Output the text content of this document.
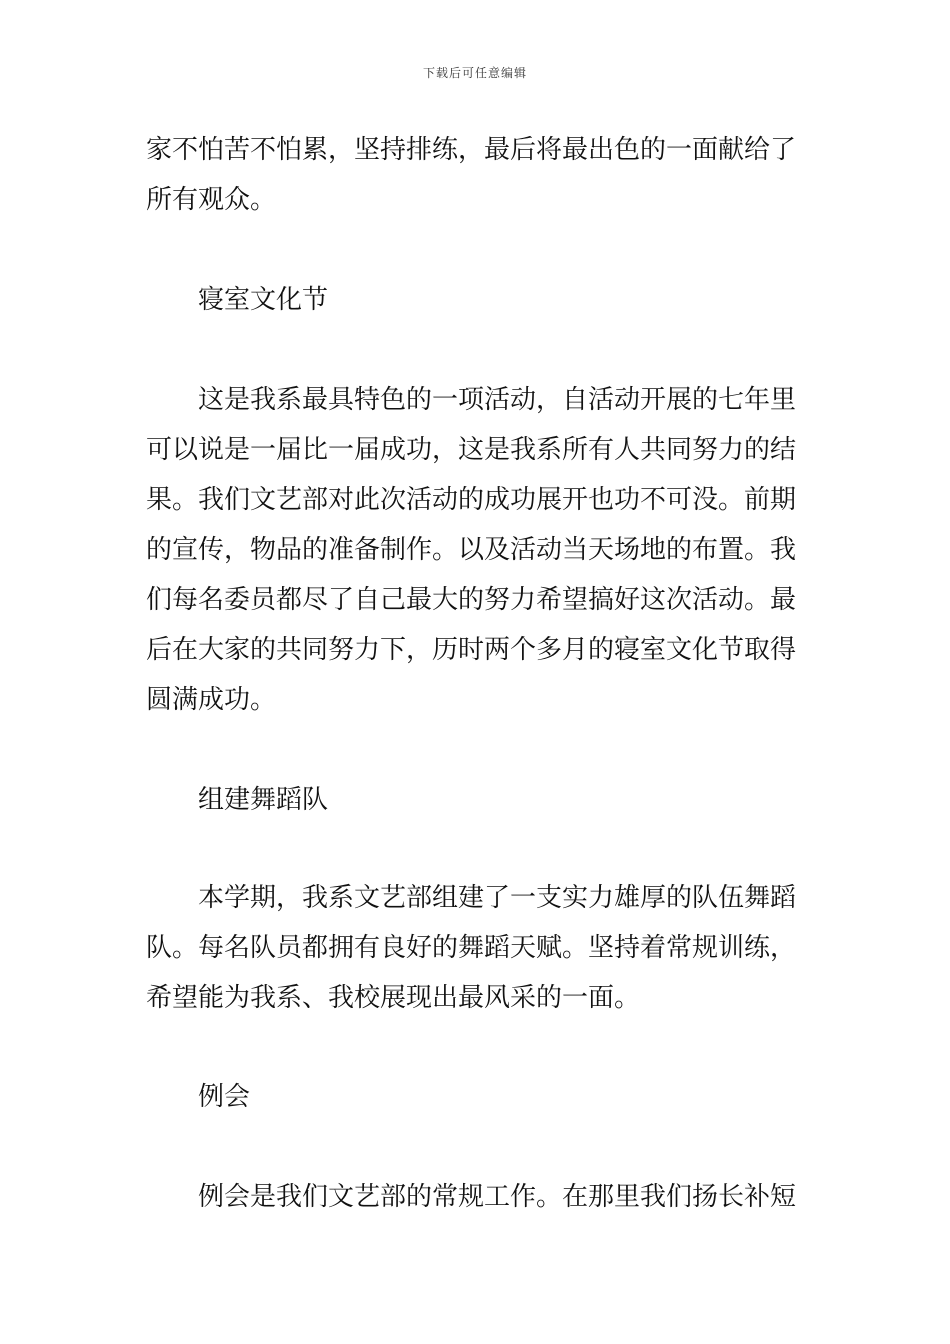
下载后可任意编辑

家不怕苦不怕累，坚持排练，最后将最出色的一面献给了所有观众。

寝室文化节

这是我系最具特色的一项活动，自活动开展的七年里可以说是一届比一届成功，这是我系所有人共同努力的结果。我们文艺部对此次活动的成功展开也功不可没。前期的宣传，物品的准备制作。以及活动当天场地的布置。我们每名委员都尽了自己最大的努力希望搞好这次活动。最后在大家的共同努力下，历时两个多月的寝室文化节取得圆满成功。

组建舞蹈队

本学期，我系文艺部组建了一支实力雄厚的队伍舞蹈队。每名队员都拥有良好的舞蹈天赋。坚持着常规训练，希望能为我系、我校展现出最风采的一面。

例会

例会是我们文艺部的常规工作。在那里我们扬长补短
